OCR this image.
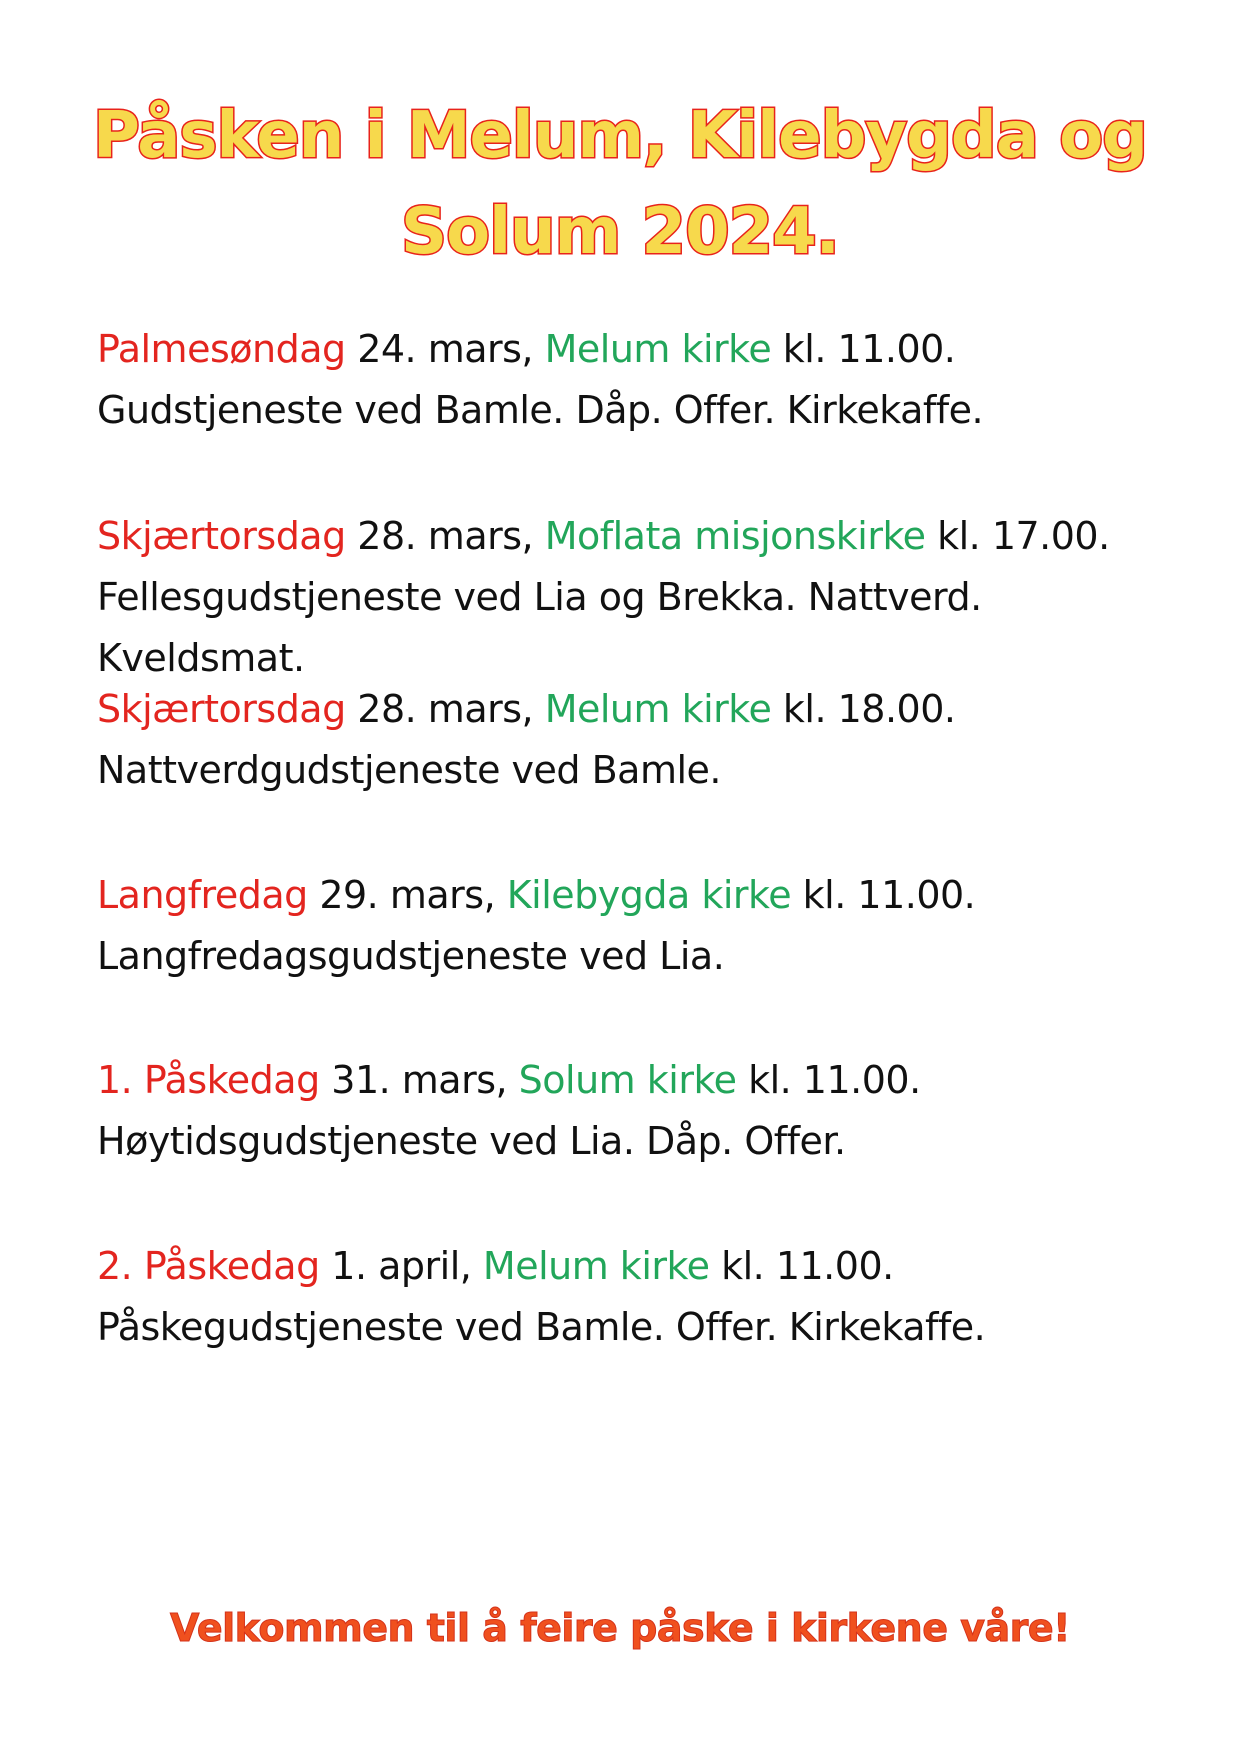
Påsken i Melum, Kilebygda og
Solum 2024.
Palmesøndag 24. mars, Melum kirke kl. 11.00.
Gudstjeneste ved Bamle. Dåp. Offer. Kirkekaffe.
Skjærtorsdag 28. mars, Moflata misjonskirke kl. 17.00.
Fellesgudstjeneste ved Lia og Brekka. Nattverd.
Kveldsmat.
Skjærtorsdag 28. mars, Melum kirke kl. 18.00.
Nattverdgudstjeneste ved Bamle.
Langfredag 29. mars, Kilebygda kirke kl. 11.00.
Langfredagsgudstjeneste ved Lia.
1. Påskedag 31. mars, Solum kirke kl. 11.00.
Høytidsgudstjeneste ved Lia. Dåp. Offer.
2. Påskedag 1. april, Melum kirke kl. 11.00.
Påskegudstjeneste ved Bamle. Offer. Kirkekaffe.
Velkommen til å feire påske i kirkene våre!
